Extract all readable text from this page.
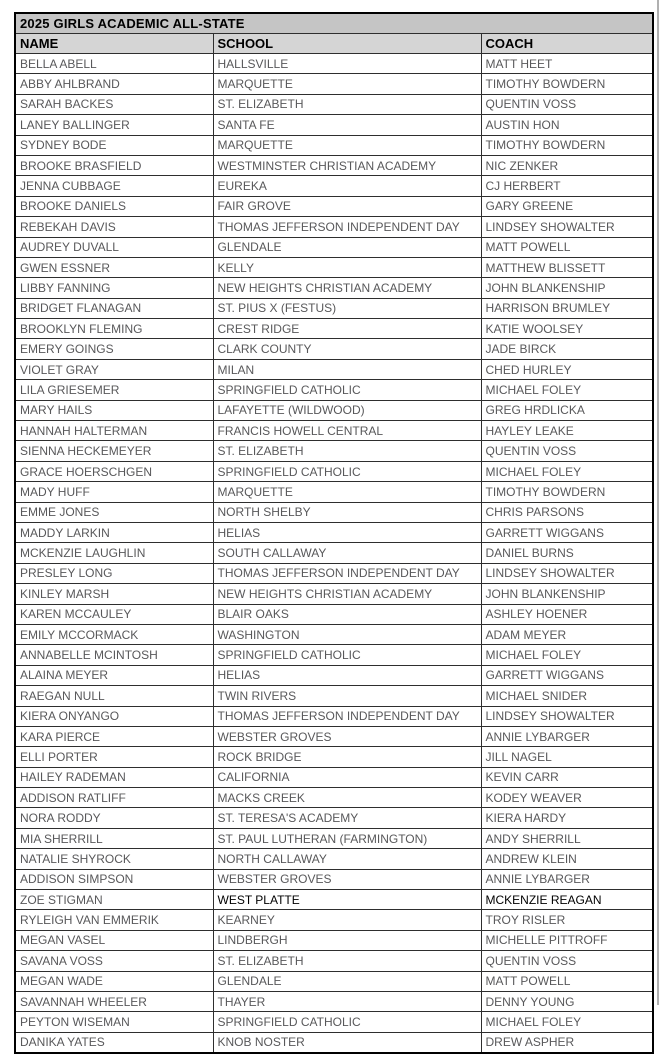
2025 GIRLS ACADEMIC ALL-STATE		
NAME	SCHOOL	COACH
BELLA ABELL	HALLSVILLE	MATT HEET
ABBY AHLBRAND	MARQUETTE	TIMOTHY BOWDERN
SARAH BACKES	ST. ELIZABETH	QUENTIN VOSS
LANEY BALLINGER	SANTA FE	AUSTIN HON
SYDNEY BODE	MARQUETTE	TIMOTHY BOWDERN
BROOKE BRASFIELD	WESTMINSTER CHRISTIAN ACADEMY	NIC ZENKER
JENNA CUBBAGE	EUREKA	CJ HERBERT
BROOKE DANIELS	FAIR GROVE	GARY GREENE
REBEKAH DAVIS	THOMAS JEFFERSON INDEPENDENT DAY	LINDSEY SHOWALTER
AUDREY DUVALL	GLENDALE	MATT POWELL
GWEN ESSNER	KELLY	MATTHEW BLISSETT
LIBBY FANNING	NEW HEIGHTS CHRISTIAN ACADEMY	JOHN BLANKENSHIP
BRIDGET FLANAGAN	ST. PIUS X (FESTUS)	HARRISON BRUMLEY
BROOKLYN FLEMING	CREST RIDGE	KATIE WOOLSEY
EMERY GOINGS	CLARK COUNTY	JADE BIRCK
VIOLET GRAY	MILAN	CHED HURLEY
LILA GRIESEMER	SPRINGFIELD CATHOLIC	MICHAEL FOLEY
MARY HAILS	LAFAYETTE (WILDWOOD)	GREG HRDLICKA
HANNAH HALTERMAN	FRANCIS HOWELL CENTRAL	HAYLEY LEAKE
SIENNA HECKEMEYER	ST. ELIZABETH	QUENTIN VOSS
GRACE HOERSCHGEN	SPRINGFIELD CATHOLIC	MICHAEL FOLEY
MADY HUFF	MARQUETTE	TIMOTHY BOWDERN
EMME JONES	NORTH SHELBY	CHRIS PARSONS
MADDY LARKIN	HELIAS	GARRETT WIGGANS
MCKENZIE LAUGHLIN	SOUTH CALLAWAY	DANIEL BURNS
PRESLEY LONG	THOMAS JEFFERSON INDEPENDENT DAY	LINDSEY SHOWALTER
KINLEY MARSH	NEW HEIGHTS CHRISTIAN ACADEMY	JOHN BLANKENSHIP
KAREN MCCAULEY	BLAIR OAKS	ASHLEY HOENER
EMILY MCCORMACK	WASHINGTON	ADAM MEYER
ANNABELLE MCINTOSH	SPRINGFIELD CATHOLIC	MICHAEL FOLEY
ALAINA MEYER	HELIAS	GARRETT WIGGANS
RAEGAN NULL	TWIN RIVERS	MICHAEL SNIDER
KIERA ONYANGO	THOMAS JEFFERSON INDEPENDENT DAY	LINDSEY SHOWALTER
KARA PIERCE	WEBSTER GROVES	ANNIE LYBARGER
ELLI PORTER	ROCK BRIDGE	JILL NAGEL
HAILEY RADEMAN	CALIFORNIA	KEVIN CARR
ADDISON RATLIFF	MACKS CREEK	KODEY WEAVER
NORA RODDY	ST. TERESA'S ACADEMY	KIERA HARDY
MIA SHERRILL	ST. PAUL LUTHERAN (FARMINGTON)	ANDY SHERRILL
NATALIE SHYROCK	NORTH CALLAWAY	ANDREW KLEIN
ADDISON SIMPSON	WEBSTER GROVES	ANNIE LYBARGER
ZOE STIGMAN	WEST PLATTE	MCKENZIE REAGAN
RYLEIGH VAN EMMERIK	KEARNEY	TROY RISLER
MEGAN VASEL	LINDBERGH	MICHELLE PITTROFF
SAVANA VOSS	ST. ELIZABETH	QUENTIN VOSS
MEGAN WADE	GLENDALE	MATT POWELL
SAVANNAH WHEELER	THAYER	DENNY YOUNG
PEYTON WISEMAN	SPRINGFIELD CATHOLIC	MICHAEL FOLEY
DANIKA YATES	KNOB NOSTER	DREW ASPHER
